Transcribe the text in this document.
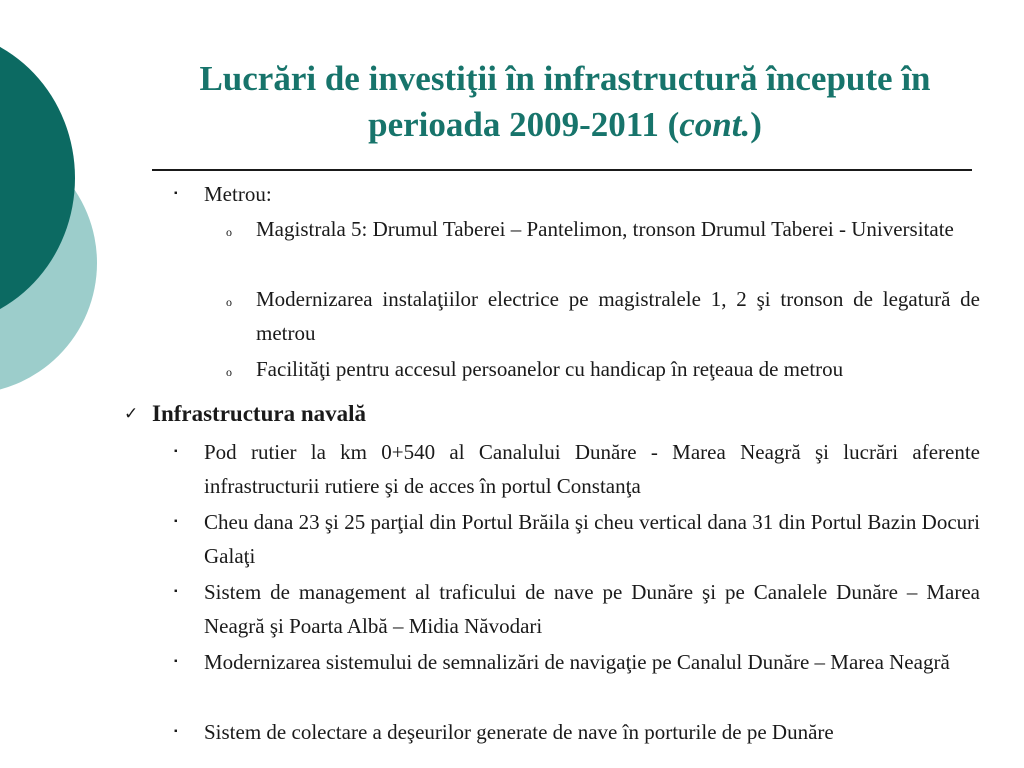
Lucrări de investiţii în infrastructură începute în perioada 2009-2011 (cont.)
▪ Metrou:
o Magistrala 5: Drumul Taberei – Pantelimon, tronson Drumul Taberei - Universitate
o Modernizarea instalaţiilor electrice pe magistralele 1, 2 şi tronson de legatură de metrou
o Facilităţi pentru accesul persoanelor cu handicap în reţeaua de metrou
✓ Infrastructura navală
▪ Pod rutier la km 0+540 al Canalului Dunăre - Marea Neagră şi lucrări aferente infrastructurii rutiere şi de acces în portul Constanţa
▪ Cheu dana 23 şi 25 parţial din Portul Brăila şi cheu vertical dana 31 din Portul Bazin Docuri Galaţi
▪ Sistem de management al traficului de nave pe Dunăre şi pe Canalele Dunăre – Marea Neagră şi Poarta Albă – Midia Năvodari
▪ Modernizarea sistemului de semnalizări de navigaţie pe Canalul Dunăre – Marea Neagră
▪ Sistem de colectare a deşeurilor generate de nave în porturile de pe Dunăre
